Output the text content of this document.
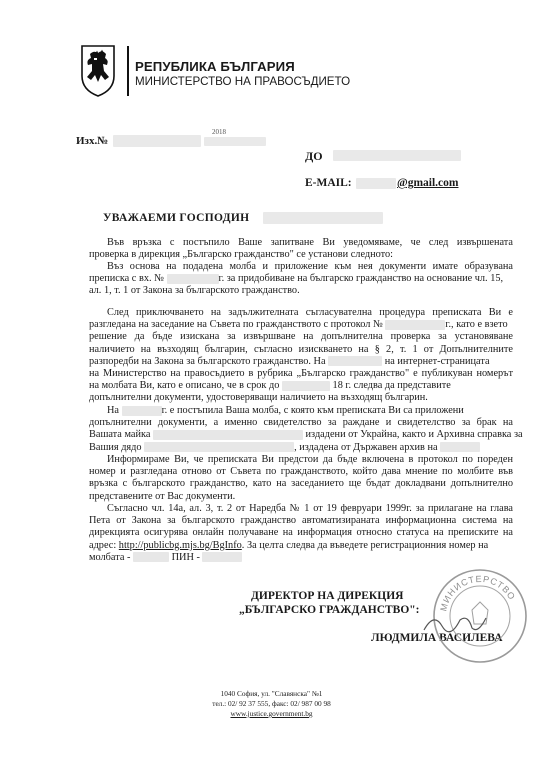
РЕПУБЛИКА БЪЛГАРИЯ
МИНИСТЕРСТВО НА ПРАВОСЪДИЕТО
Изх.№
2018
ДО
E-MAIL:	@gmail.com
УВАЖАЕМИ ГОСПОДИН
Във връзка с постъпило Ваше запитване Ви уведомяваме, че след извършената
проверка в дирекция „Българско гражданство" се установи следното:
Въз основа на подадена молба и приложение към нея документи имате образувана
преписка с вх. №	г. за придобиване на българско гражданство на основание чл. 15,
ал. 1, т. 1 от Закона за българското гражданство.
След приключването на задължителната съгласувателна процедура преписката Ви е
разгледана на заседание на Съвета по гражданството с протокол №	г., като е взето
решение да бъде изискана за извършване на допълнителна проверка за установяване
наличието на възходящ българин, съгласно изискването на § 2, т. 1 от Допълнителните
разпоредби на Закона за българското гражданство. На	на интернет-страницата
на Министерство на правосъдието в рубрика „Българско гражданство" е публикуван номерът
на молбата Ви, като е описано, че в срок до	18 г. следва да представите
допълнителни документи, удостоверяващи наличието на възходящ българин.
На	г. е постъпила Ваша молба, с която към преписката Ви са приложени
допълнителни документи, а именно свидетелство за раждане и свидетелство за брак на
Вашата майка	издадени от Украйна, както и Архивна справка за
Вашия дядо	, издадена от Държавен архив на
Информираме Ви, че преписката Ви предстои да бъде включена в протокол по пореден
номер и разгледана отново от Съвета по гражданството, който дава мнение по молбите във
връзка с българското гражданство, като на заседанието ще бъдат докладвани допълнително
представените от Вас документи.
Съгласно чл. 14а, ал. 3, т. 2 от Наредба № 1 от 19 февруари 1999г. за прилагане на глава
Пета от Закона за българското гражданство автоматизираната информационна система на
дирекцията осигурява онлайн получаване на информация относно статуса на преписките на
адрес: http://publicbg.mjs.bg/BgInfo. За целта следва да въведете регистрационния номер на
молбата -	ПИН -
ДИРЕКТОР НА ДИРЕКЦИЯ
„БЪЛГАРСКО ГРАЖДАНСТВО":
ЛЮДМИЛА ВАСИЛЕВА
МИНИСТЕРСТВО
1040 София, ул. "Славянска" №1
тел.: 02/ 92 37 555, факс: 02/ 987 00 98
www.justice.government.bg
